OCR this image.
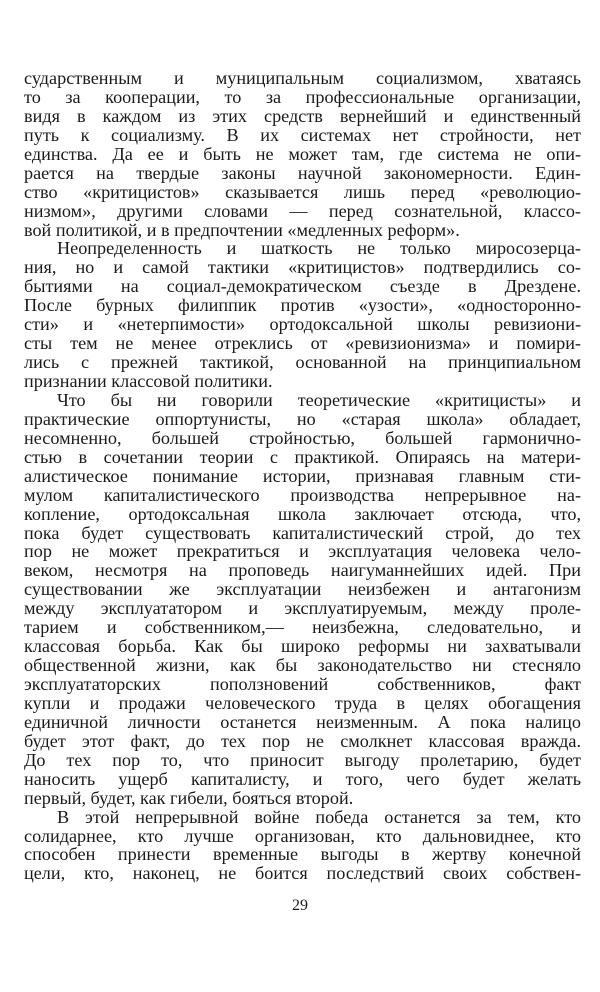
сударственным и муниципальным социализмом, хватаясь
то за кооперации, то за профессиональные организации,
видя в каждом из этих средств вернейший и единственный
путь к социализму. В их системах нет стройности, нет
единства. Да ее и быть не может там, где система не опи-
рается на твердые законы научной закономерности. Един-
ство «критицистов» сказывается лишь перед «революцио-
низмом», другими словами — перед сознательной, классо-
вой политикой, и в предпочтении «медленных реформ».
Неопределенность и шаткость не только миросозерца-
ния, но и самой тактики «критицистов» подтвердились со-
бытиями на социал-демократическом съезде в Дрездене.
После бурных филиппик против «узости», «односторонно-
сти» и «нетерпимости» ортодоксальной школы ревизиони-
сты тем не менее отреклись от «ревизионизма» и помири-
лись с прежней тактикой, основанной на принципиальном
признании классовой политики.
Что бы ни говорили теоретические «критицисты» и
практические оппортунисты, но «старая школа» обладает,
несомненно, большей стройностью, большей гармонично-
стью в сочетании теории с практикой. Опираясь на матери-
алистическое понимание истории, признавая главным сти-
мулом капиталистического производства непрерывное на-
копление, ортодоксальная школа заключает отсюда, что,
пока будет существовать капиталистический строй, до тех
пор не может прекратиться и эксплуатация человека чело-
веком, несмотря на проповедь наигуманнейших идей. При
существовании же эксплуатации неизбежен и антагонизм
между эксплуататором и эксплуатируемым, между проле-
тарием и собственником,— неизбежна, следовательно, и
классовая борьба. Как бы широко реформы ни захватывали
общественной жизни, как бы законодательство ни стесняло
эксплуататорских поползновений собственников, факт
купли и продажи человеческого труда в целях обогащения
единичной личности останется неизменным. А пока налицо
будет этот факт, до тех пор не смолкнет классовая вражда.
До тех пор то, что приносит выгоду пролетарию, будет
наносить ущерб капиталисту, и того, чего будет желать
первый, будет, как гибели, бояться второй.
В этой непрерывной войне победа останется за тем, кто
солидарнее, кто лучше организован, кто дальновиднее, кто
способен принести временные выгоды в жертву конечной
цели, кто, наконец, не боится последствий своих собствен-
29
